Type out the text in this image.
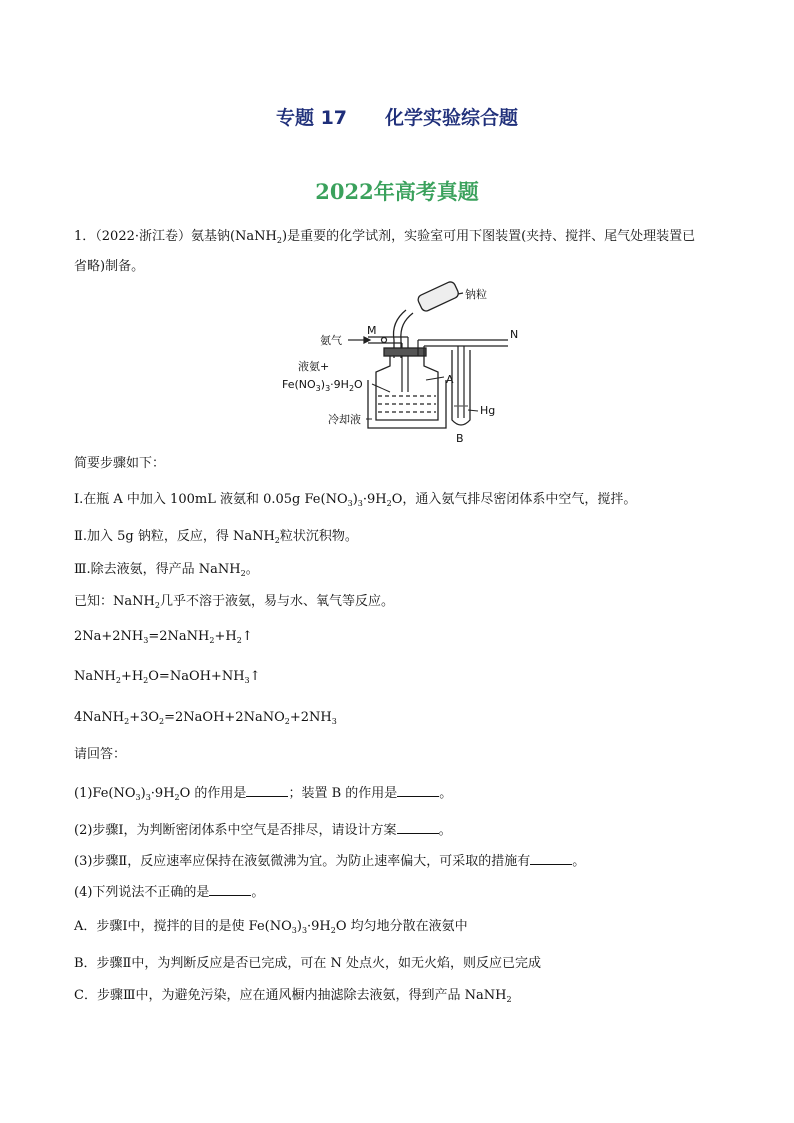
专题 17 化学实验综合题
2022年高考真题
1．（2022·浙江卷）氨基钠(NaNH$_2$)是重要的化学试剂，实验室可用下图装置(夹持、搅拌、尾气处理装置已
省略)制备。
钠粒
氨气
M
液氨+
$Fe(NO_3)_3\cdot 9H_2O$	A
冷却液
N
Hg
B
简要步骤如下：
Ⅰ.在瓶 A 中加入 100mL 液氨和 0.05g $Fe(NO_3)_3\cdot 9H_2O$，通入氨气排尽密闭体系中空气，搅拌。
Ⅱ.加入 5g 钠粒，反应，得 NaNH$_2$粒状沉积物。
Ⅲ.除去液氨，得产品 NaNH$_2$。
已知：NaNH$_2$几乎不溶于液氨，易与水、氧气等反应。
$2Na+2NH_3=2NaNH_2+H_2↑$
$NaNH_2+H_2O=NaOH+NH_3↑$
$4NaNH_2+3O_2=2NaOH+2NaNO_2+2NH_3$
请回答：
$(1)Fe(NO_3)_3\cdot 9H_2O$ 的作用是	；装置 B 的作用是	。
(2)步骤Ⅰ，为判断密闭体系中空气是否排尽，请设计方案	。
(3)步骤Ⅱ，反应速率应保持在液氨微沸为宜。为防止速率偏大，可采取的措施有	。
(4)下列说法不正确的是	。
A．步骤Ⅰ中，搅拌的目的是使 $Fe(NO_3)_3\cdot 9H_2O$ 均匀地分散在液氨中
B．步骤Ⅱ中，为判断反应是否已完成，可在 N 处点火，如无火焰，则反应已完成
C．步骤Ⅲ中，为避免污染，应在通风橱内抽滤除去液氨，得到产品 NaNH$_2$
